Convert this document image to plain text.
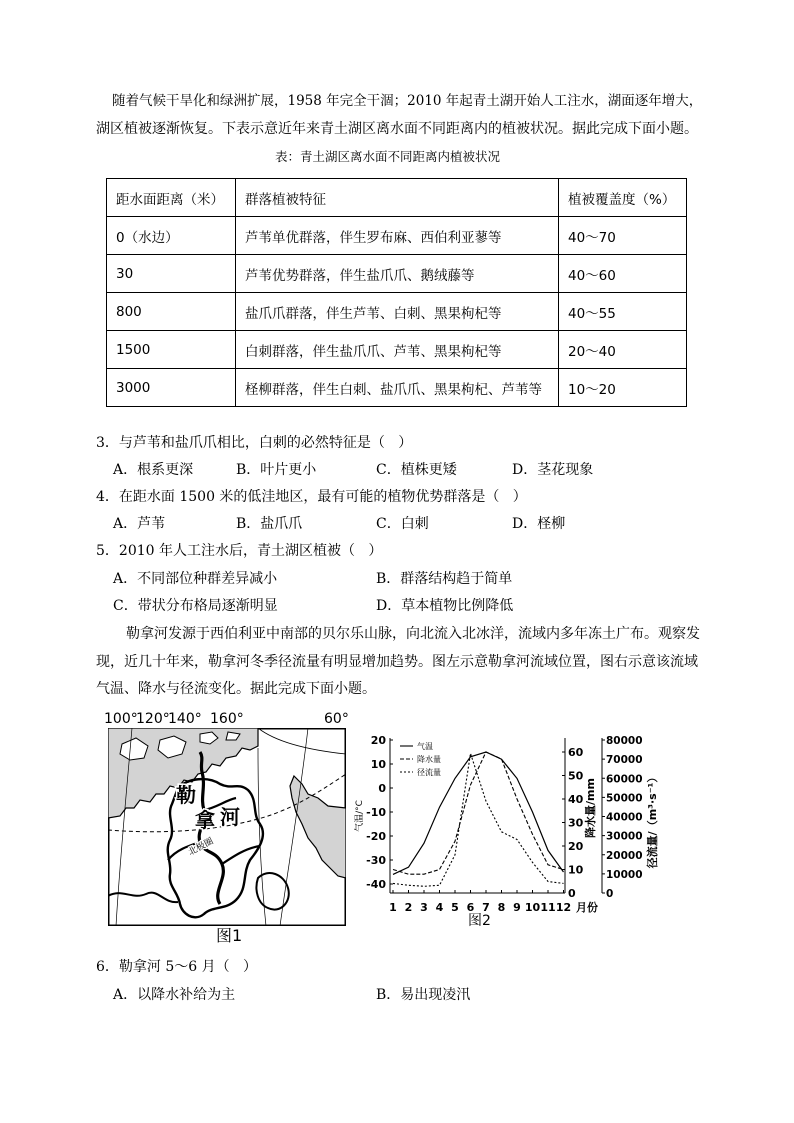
随着气候干旱化和绿洲扩展，1958 年完全干涸；2010 年起青土湖开始人工注水，湖面逐年增大，
湖区植被逐渐恢复。下表示意近年来青土湖区离水面不同距离内的植被状况。据此完成下面小题。
表：青土湖区离水面不同距离内植被状况
距水面距离（米）	群落植被特征	植被覆盖度（%）
0（水边）	芦苇单优群落，伴生罗布麻、西伯利亚蓼等	40～70
30	芦苇优势群落，伴生盐爪爪、鹅绒藤等	40～60
800	盐爪爪群落，伴生芦苇、白刺、黑果枸杞等	40～55
1500	白刺群落，伴生盐爪爪、芦苇、黑果枸杞等	20～40
3000	柽柳群落，伴生白刺、盐爪爪、黑果枸杞、芦苇等	10～20
3．与芦苇和盐爪爪相比，白刺的必然特征是（   ）
A．根系更深	B．叶片更小	C．植株更矮	D．茎花现象
4．在距水面 1500 米的低洼地区，最有可能的植物优势群落是（   ）
A．芦苇	B．盐爪爪	C．白刺	D．柽柳
5．2010 年人工注水后，青土湖区植被（   ）
A．不同部位种群差异减小	B．群落结构趋于简单
C．带状分布格局逐渐明显	D．草本植物比例降低
勒拿河发源于西伯利亚中南部的贝尔乐山脉，向北流入北冰洋，流域内多年冻土广布。观察发
现，近几十年来，勒拿河冬季径流量有明显增加趋势。图左示意勒拿河流域位置，图右示意该流域
气温、降水与径流变化。据此完成下面小题。
100°
120°
140° 160°	60°
北极圈
勒
拿 河
图1
20
10
0
-10
-20
-30
-40
60
50
40
30
20
10
0
80000
70000
60000
50000
40000
30000
20000
10000
0
1 2 3 4 5 6 7 8 9 10 11 12 月份
气温/°C	降水量/mm	径流量/（m³·s⁻¹）
气温
降水量
径流量
图2
6．勒拿河 5～6 月（   ）
A．以降水补给为主	B．易出现凌汛
